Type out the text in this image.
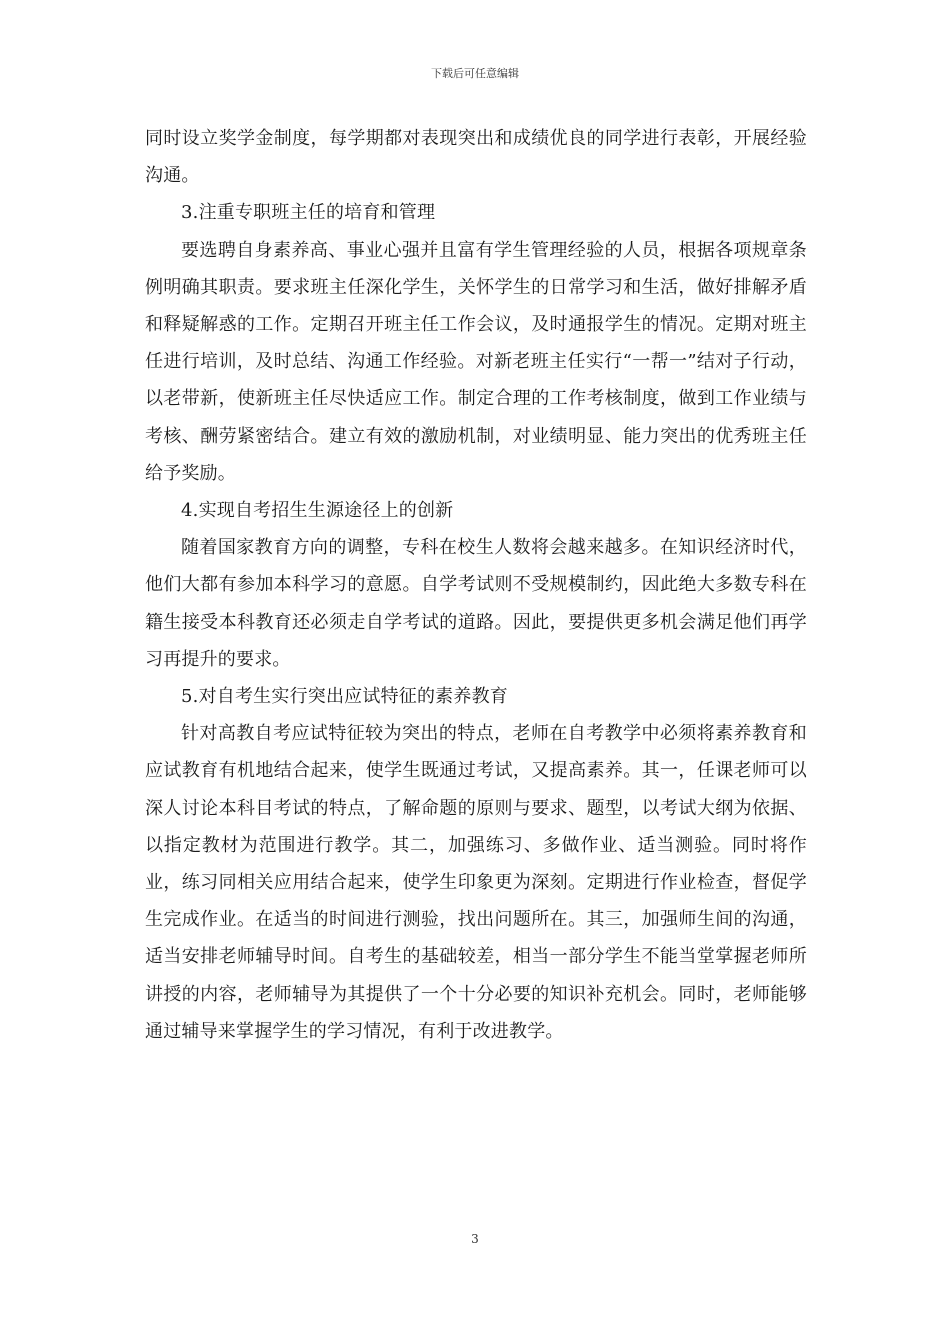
下载后可任意编辑

同时设立奖学金制度，每学期都对表现突出和成绩优良的同学进行表彰，开展经验沟通。

3.注重专职班主任的培育和管理

要选聘自身素养高、事业心强并且富有学生管理经验的人员，根据各项规章条例明确其职责。要求班主任深化学生，关怀学生的日常学习和生活，做好排解矛盾和释疑解惑的工作。定期召开班主任工作会议，及时通报学生的情况。定期对班主任进行培训，及时总结、沟通工作经验。对新老班主任实行“一帮一”结对子行动，以老带新，使新班主任尽快适应工作。制定合理的工作考核制度，做到工作业绩与考核、酬劳紧密结合。建立有效的激励机制，对业绩明显、能力突出的优秀班主任给予奖励。

4.实现自考招生生源途径上的创新

随着国家教育方向的调整，专科在校生人数将会越来越多。在知识经济时代，他们大都有参加本科学习的意愿。自学考试则不受规模制约，因此绝大多数专科在籍生接受本科教育还必须走自学考试的道路。因此，要提供更多机会满足他们再学习再提升的要求。

5.对自考生实行突出应试特征的素养教育

针对高教自考应试特征较为突出的特点，老师在自考教学中必须将素养教育和应试教育有机地结合起来，使学生既通过考试，又提高素养。其一，任课老师可以深人讨论本科目考试的特点，了解命题的原则与要求、题型，以考试大纲为依据、以指定教材为范围进行教学。其二，加强练习、多做作业、适当测验。同时将作业，练习同相关应用结合起来，使学生印象更为深刻。定期进行作业检查，督促学生完成作业。在适当的时间进行测验，找出问题所在。其三，加强师生间的沟通，适当安排老师辅导时间。自考生的基础较差，相当一部分学生不能当堂掌握老师所讲授的内容，老师辅导为其提供了一个十分必要的知识补充机会。同时，老师能够通过辅导来掌握学生的学习情况，有利于改进教学。

3
